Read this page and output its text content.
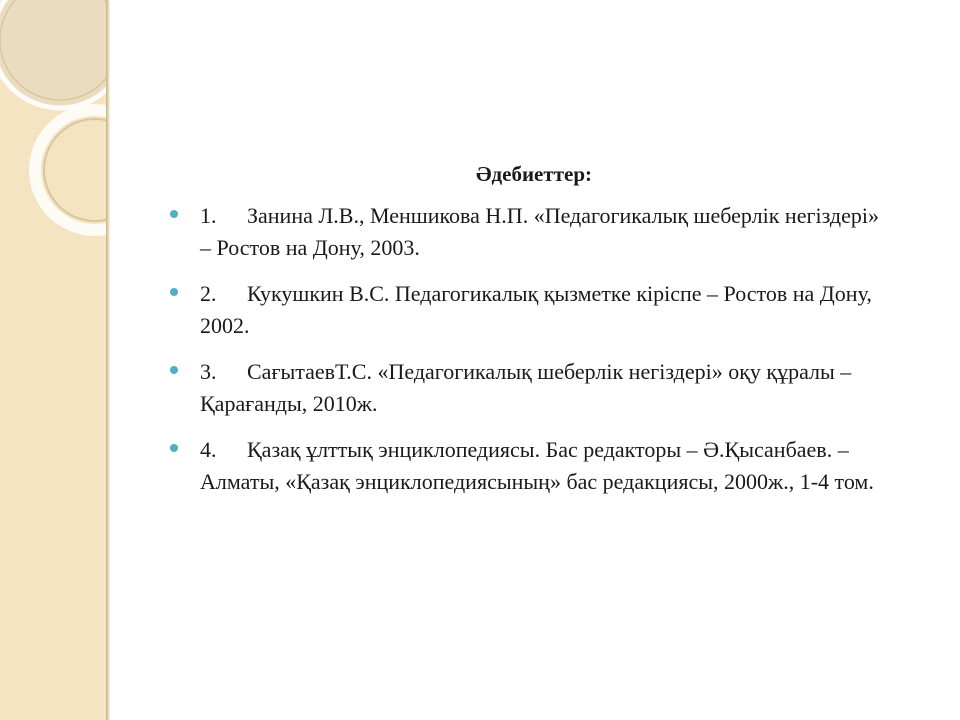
Әдебиеттер:
1. Занина Л.В., Меншикова Н.П. «Педагогикалық шеберлік негіздері» – Ростов на Дону, 2003.
2. Кукушкин В.С. Педагогикалық қызметке кіріспе – Ростов на Дону, 2002.
3. СағытаевТ.С. «Педагогикалық шеберлік негіздері» оқу құралы – Қарағанды, 2010ж.
4. Қазақ ұлттық энциклопедиясы. Бас редакторы – Ә.Қысанбаев. – Алматы, «Қазақ энциклопедиясының» бас редакциясы, 2000ж., 1-4 том.
